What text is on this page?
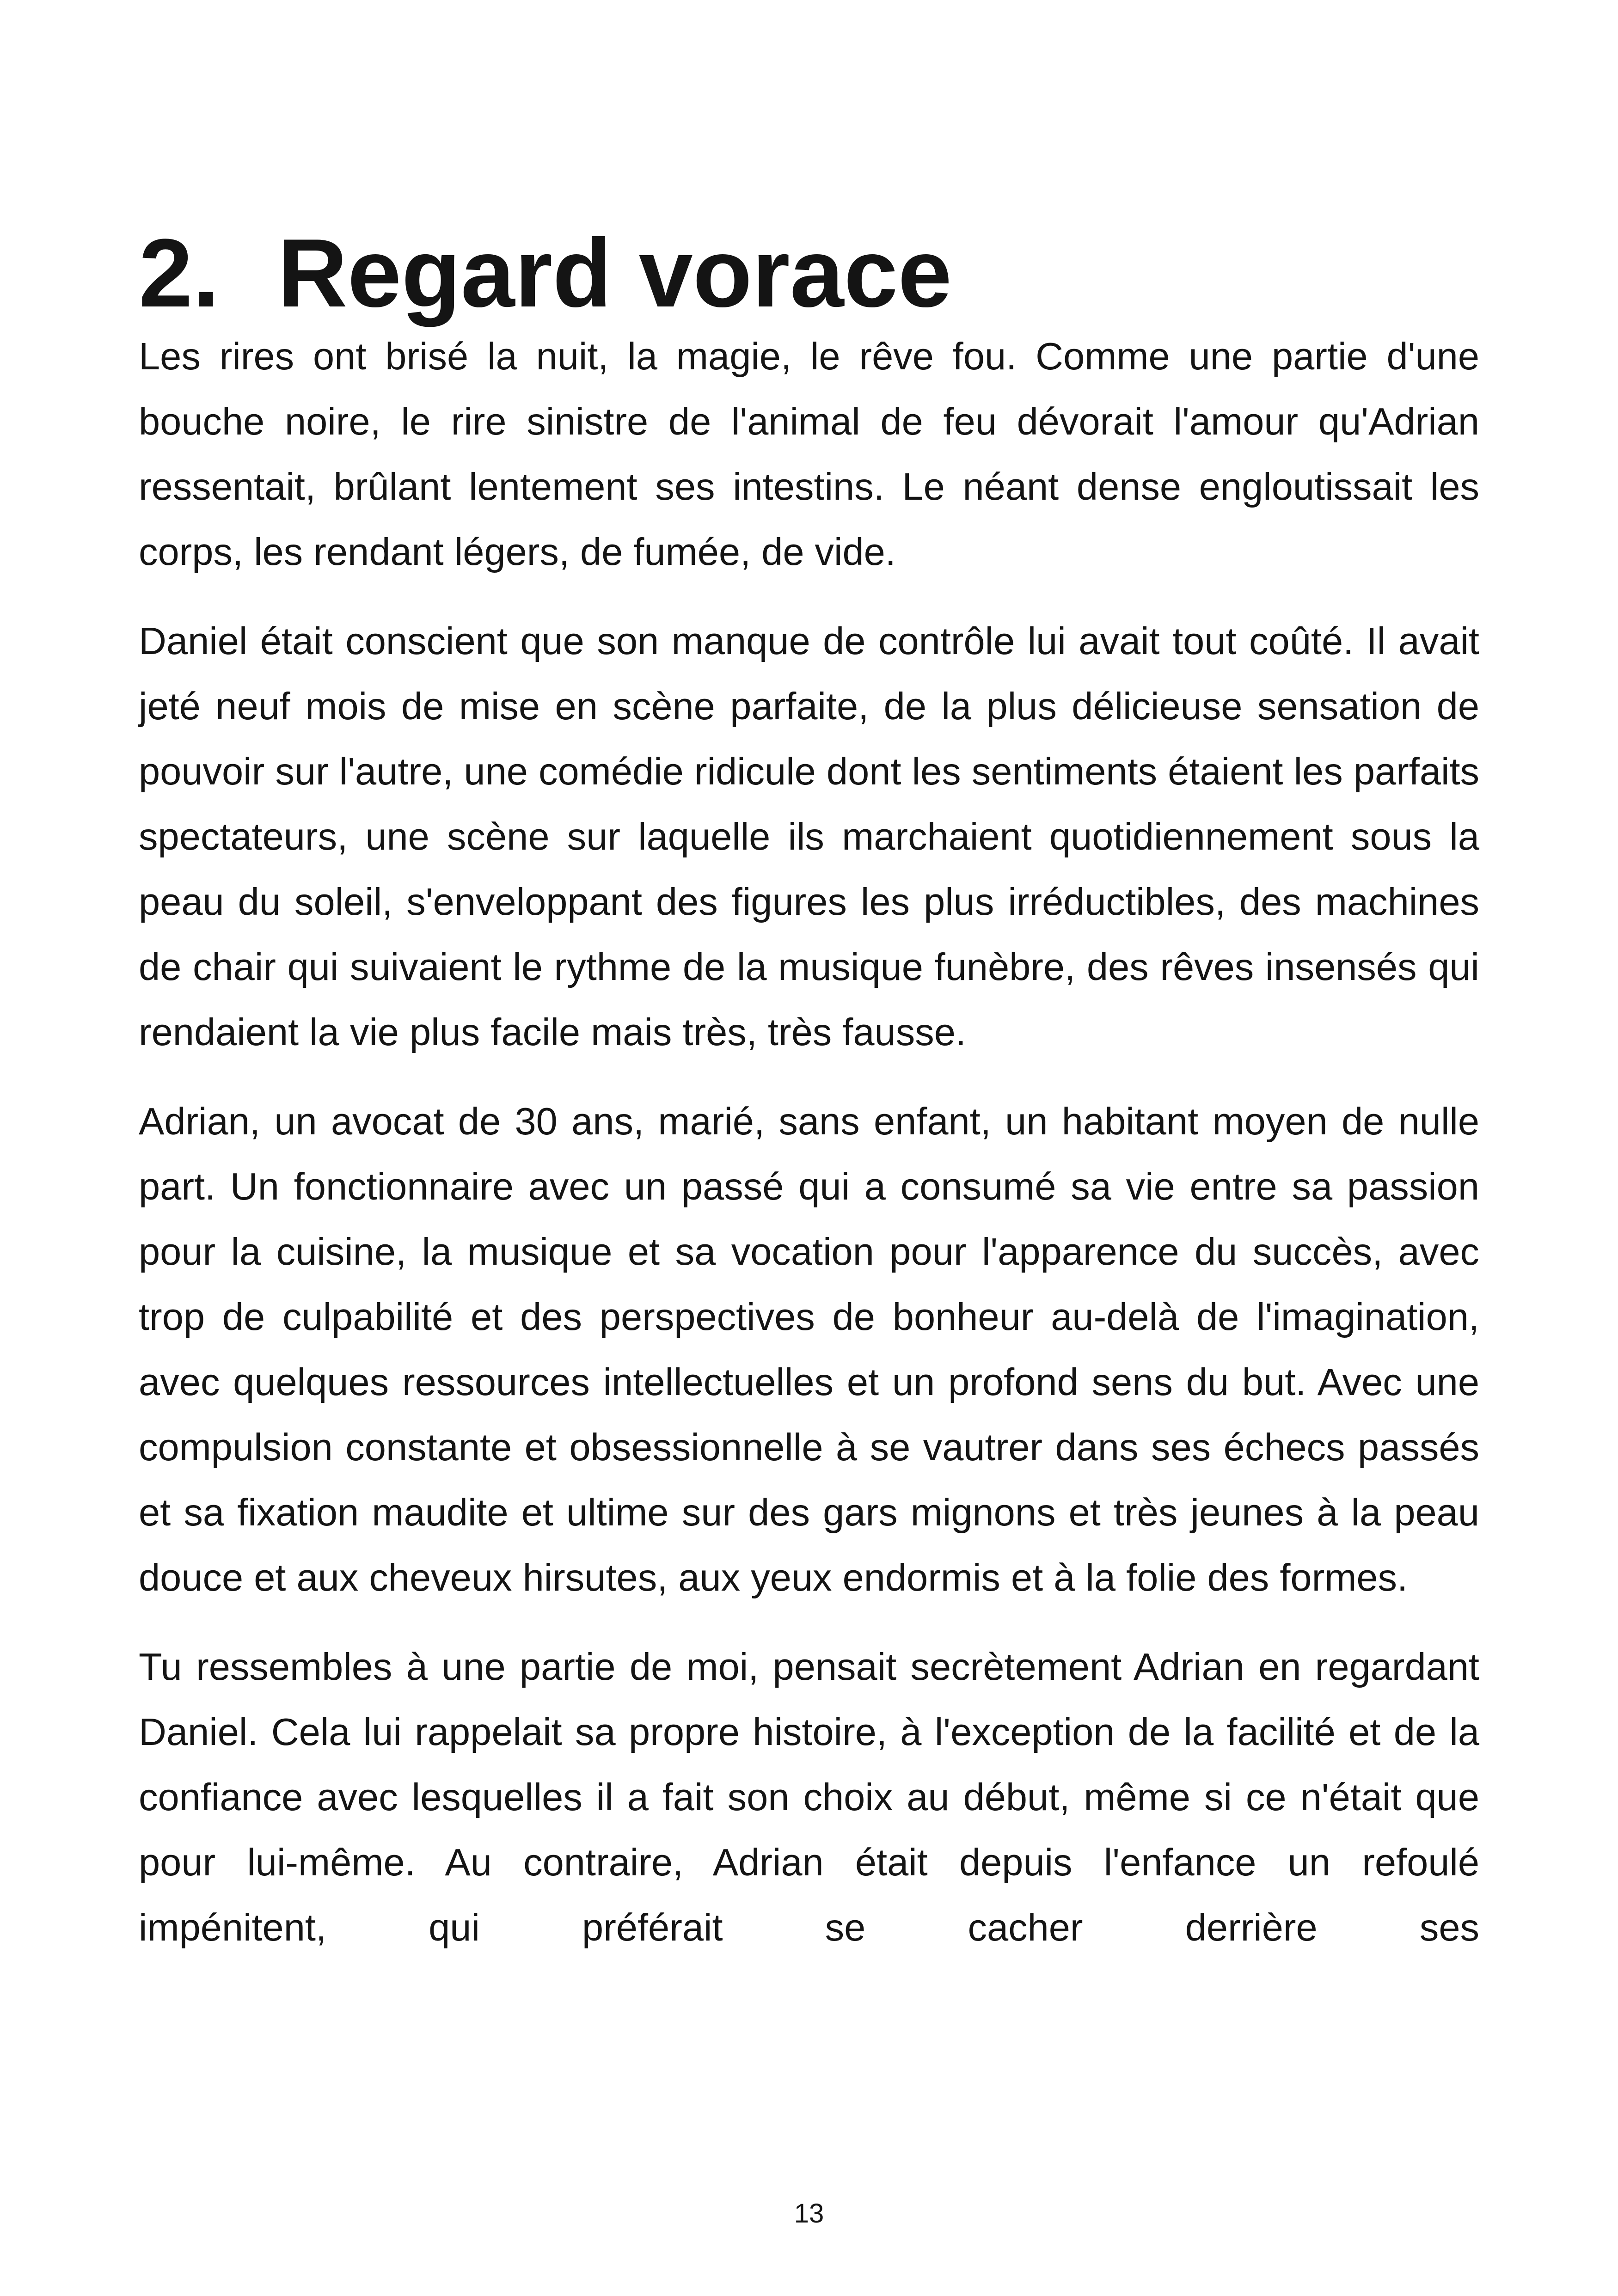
2. Regard vorace

Les rires ont brisé la nuit, la magie, le rêve fou. Comme une partie d'une bouche noire, le rire sinistre de l'animal de feu dévorait l'amour qu'Adrian ressentait, brûlant lentement ses intestins. Le néant dense engloutissait les corps, les rendant légers, de fumée, de vide.

Daniel était conscient que son manque de contrôle lui avait tout coûté. Il avait jeté neuf mois de mise en scène parfaite, de la plus délicieuse sensation de pouvoir sur l'autre, une comédie ridicule dont les sentiments étaient les parfaits spectateurs, une scène sur laquelle ils marchaient quotidiennement sous la peau du soleil, s'enveloppant des figures les plus irréductibles, des machines de chair qui suivaient le rythme de la musique funèbre, des rêves insensés qui rendaient la vie plus facile mais très, très fausse.

Adrian, un avocat de 30 ans, marié, sans enfant, un habitant moyen de nulle part. Un fonctionnaire avec un passé qui a consumé sa vie entre sa passion pour la cuisine, la musique et sa vocation pour l'apparence du succès, avec trop de culpabilité et des perspectives de bonheur au-delà de l'imagination, avec quelques ressources intellectuelles et un profond sens du but. Avec une compulsion constante et obsessionnelle à se vautrer dans ses échecs passés et sa fixation maudite et ultime sur des gars mignons et très jeunes à la peau douce et aux cheveux hirsutes, aux yeux endormis et à la folie des formes.

Tu ressembles à une partie de moi, pensait secrètement Adrian en regardant Daniel. Cela lui rappelait sa propre histoire, à l'exception de la facilité et de la confiance avec lesquelles il a fait son choix au début, même si ce n'était que pour lui-même. Au contraire, Adrian était depuis l'enfance un refoulé impénitent, qui préférait se cacher derrière ses

13
